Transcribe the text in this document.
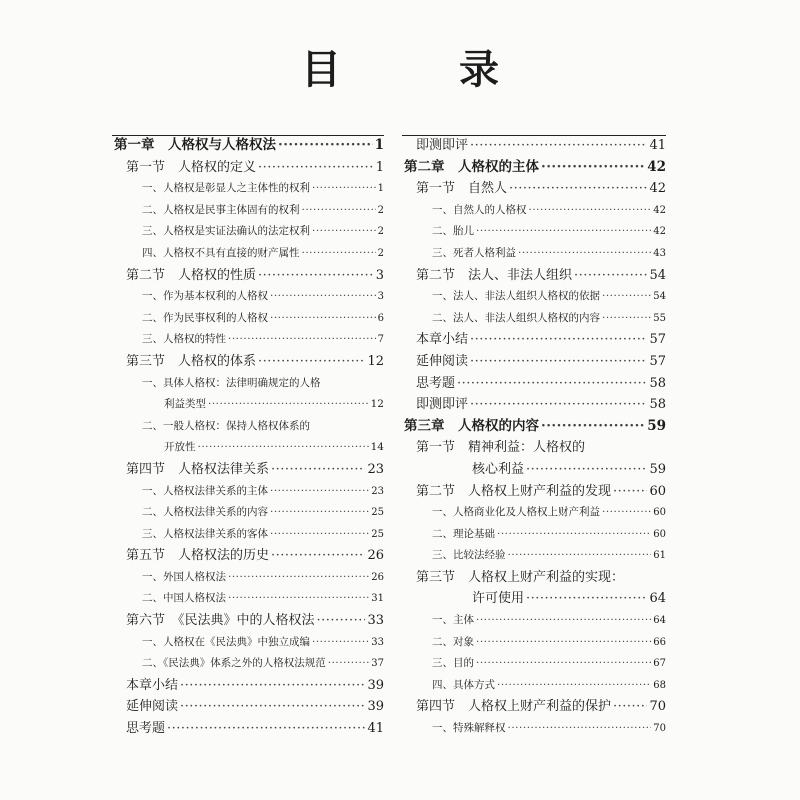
目 录
第一章　人格权与人格权法 ·····	1
第一节　人格权的定义 ·····	1
一、人格权是彰显人之主体性的权利 ·····	1
二、人格权是民事主体固有的权利 ·····	2
三、人格权是实证法确认的法定权利 ·····	2
四、人格权不具有直接的财产属性 ·····	2
第二节　人格权的性质 ·····	3
一、作为基本权利的人格权 ·····	3
二、作为民事权利的人格权 ·····	6
三、人格权的特性 ·····	7
第三节　人格权的体系 ·····	12
一、具体人格权：法律明确规定的人格
利益类型 ·····	12
二、一般人格权：保持人格权体系的
开放性 ·····	14
第四节　人格权法律关系 ·····	23
一、人格权法律关系的主体 ·····	23
二、人格权法律关系的内容 ·····	25
三、人格权法律关系的客体 ·····	25
第五节　人格权法的历史 ·····	26
一、外国人格权法 ·····	26
二、中国人格权法 ·····	31
第六节　《民法典》中的人格权法 ·····	33
一、人格权在《民法典》中独立成编 ·····	33
二、《民法典》体系之外的人格权法规范 ·····	37
本章小结 ·····	39
延伸阅读 ·····	39
思考题 ·····	41
即测即评 ·····	41
第二章　人格权的主体 ·····	42
第一节　自然人 ·····	42
一、自然人的人格权 ·····	42
二、胎儿 ·····	42
三、死者人格利益 ·····	43
第二节　法人、非法人组织 ·····	54
一、法人、非法人组织人格权的依据 ·····	54
二、法人、非法人组织人格权的内容 ·····	55
本章小结 ·····	57
延伸阅读 ·····	57
思考题 ·····	58
即测即评 ·····	58
第三章　人格权的内容 ·····	59
第一节　精神利益：人格权的
核心利益 ·····	59
第二节　人格权上财产利益的发现 ·····	60
一、人格商业化及人格权上财产利益 ·····	60
二、理论基础 ·····	60
三、比较法经验 ·····	61
第三节　人格权上财产利益的实现：
许可使用 ·····	64
一、主体 ·····	64
二、对象 ·····	66
三、目的 ·····	67
四、具体方式 ·····	68
第四节　人格权上财产利益的保护 ·····	70
一、特殊解释权 ·····	70
